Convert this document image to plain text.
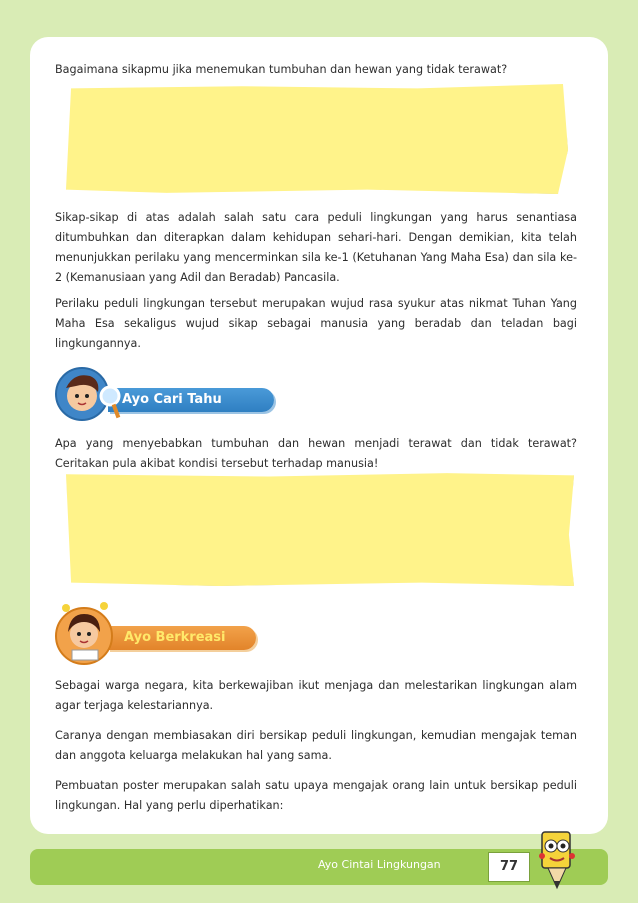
Bagaimana sikapmu jika menemukan tumbuhan dan hewan yang tidak terawat?

Sikap-sikap di atas adalah salah satu cara peduli lingkungan yang harus senantiasa ditumbuhkan dan diterapkan dalam kehidupan sehari-hari. Dengan demikian, kita telah menunjukkan perilaku yang mencerminkan sila ke-1 (Ketuhanan Yang Maha Esa) dan sila ke-2 (Kemanusiaan yang Adil dan Beradab) Pancasila.

Perilaku peduli lingkungan tersebut merupakan wujud rasa syukur atas nikmat Tuhan Yang Maha Esa sekaligus wujud sikap sebagai manusia yang beradab dan teladan bagi lingkungannya.

Ayo Cari Tahu

Apa yang menyebabkan tumbuhan dan hewan menjadi terawat dan tidak terawat? Ceritakan pula akibat kondisi tersebut terhadap manusia!

Ayo Berkreasi

Sebagai warga negara, kita berkewajiban ikut menjaga dan melestarikan lingkungan alam agar terjaga kelestariannya.

Caranya dengan membiasakan diri bersikap peduli lingkungan, kemudian mengajak teman dan anggota keluarga melakukan hal yang sama.

Pembuatan poster merupakan salah satu upaya mengajak orang lain untuk bersikap peduli lingkungan. Hal yang perlu diperhatikan:

Ayo Cintai Lingkungan	77
